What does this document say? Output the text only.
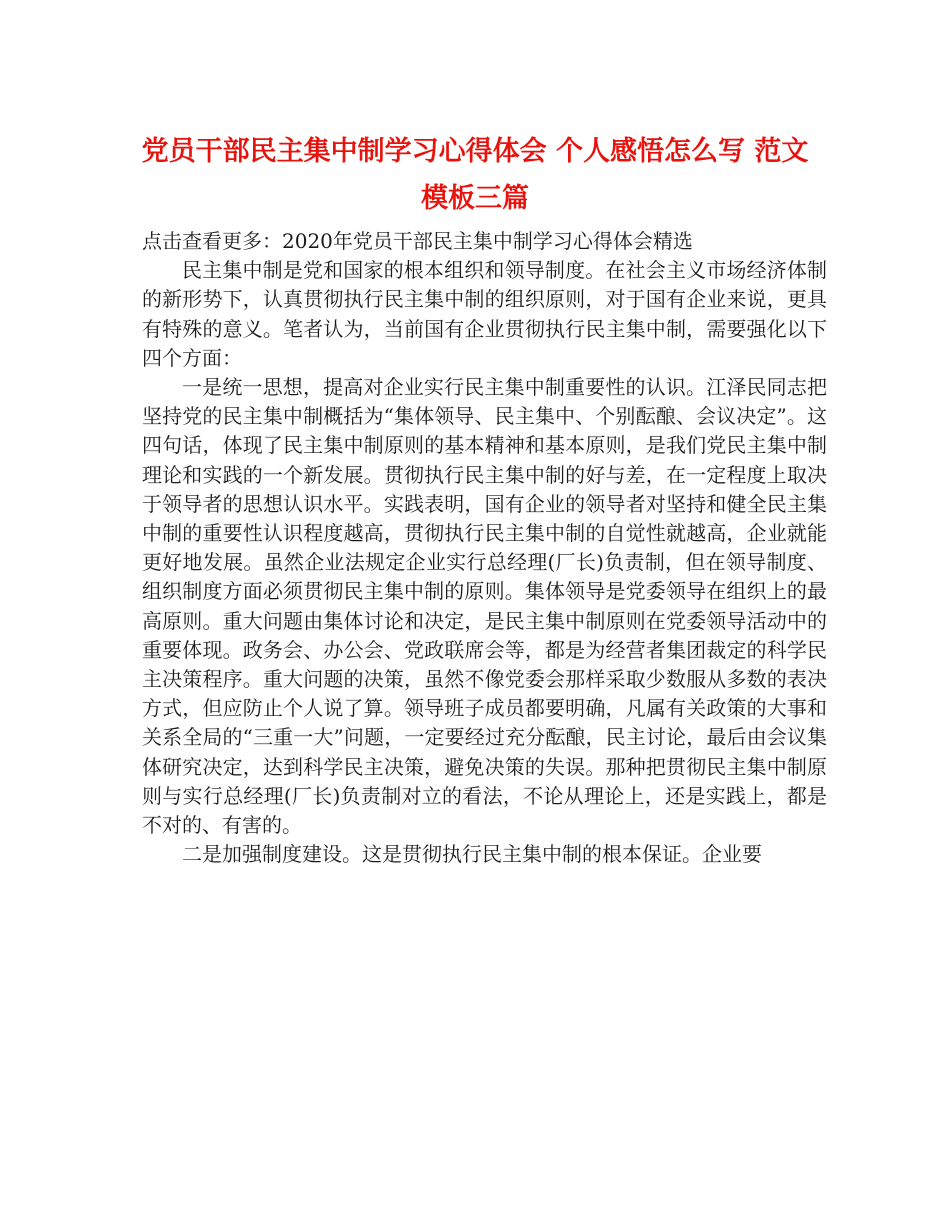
党员干部民主集中制学习心得体会 个人感悟怎么写 范文模板三篇

点击查看更多：2020年党员干部民主集中制学习心得体会精选

民主集中制是党和国家的根本组织和领导制度。在社会主义市场经济体制的新形势下，认真贯彻执行民主集中制的组织原则，对于国有企业来说，更具有特殊的意义。笔者认为，当前国有企业贯彻执行民主集中制，需要强化以下四个方面：

一是统一思想，提高对企业实行民主集中制重要性的认识。江泽民同志把坚持党的民主集中制概括为“集体领导、民主集中、个别酝酿、会议决定”。这四句话，体现了民主集中制原则的基本精神和基本原则，是我们党民主集中制理论和实践的一个新发展。贯彻执行民主集中制的好与差，在一定程度上取决于领导者的思想认识水平。实践表明，国有企业的领导者对坚持和健全民主集中制的重要性认识程度越高，贯彻执行民主集中制的自觉性就越高，企业就能更好地发展。虽然企业法规定企业实行总经理(厂长)负责制，但在领导制度、组织制度方面必须贯彻民主集中制的原则。集体领导是党委领导在组织上的最高原则。重大问题由集体讨论和决定，是民主集中制原则在党委领导活动中的重要体现。政务会、办公会、党政联席会等，都是为经营者集团裁定的科学民主决策程序。重大问题的决策，虽然不像党委会那样采取少数服从多数的表决方式，但应防止个人说了算。领导班子成员都要明确，凡属有关政策的大事和关系全局的“三重一大”问题，一定要经过充分酝酿，民主讨论，最后由会议集体研究决定，达到科学民主决策，避免决策的失误。那种把贯彻民主集中制原则与实行总经理(厂长)负责制对立的看法，不论从理论上，还是实践上，都是不对的、有害的。

二是加强制度建设。这是贯彻执行民主集中制的根本保证。企业要
